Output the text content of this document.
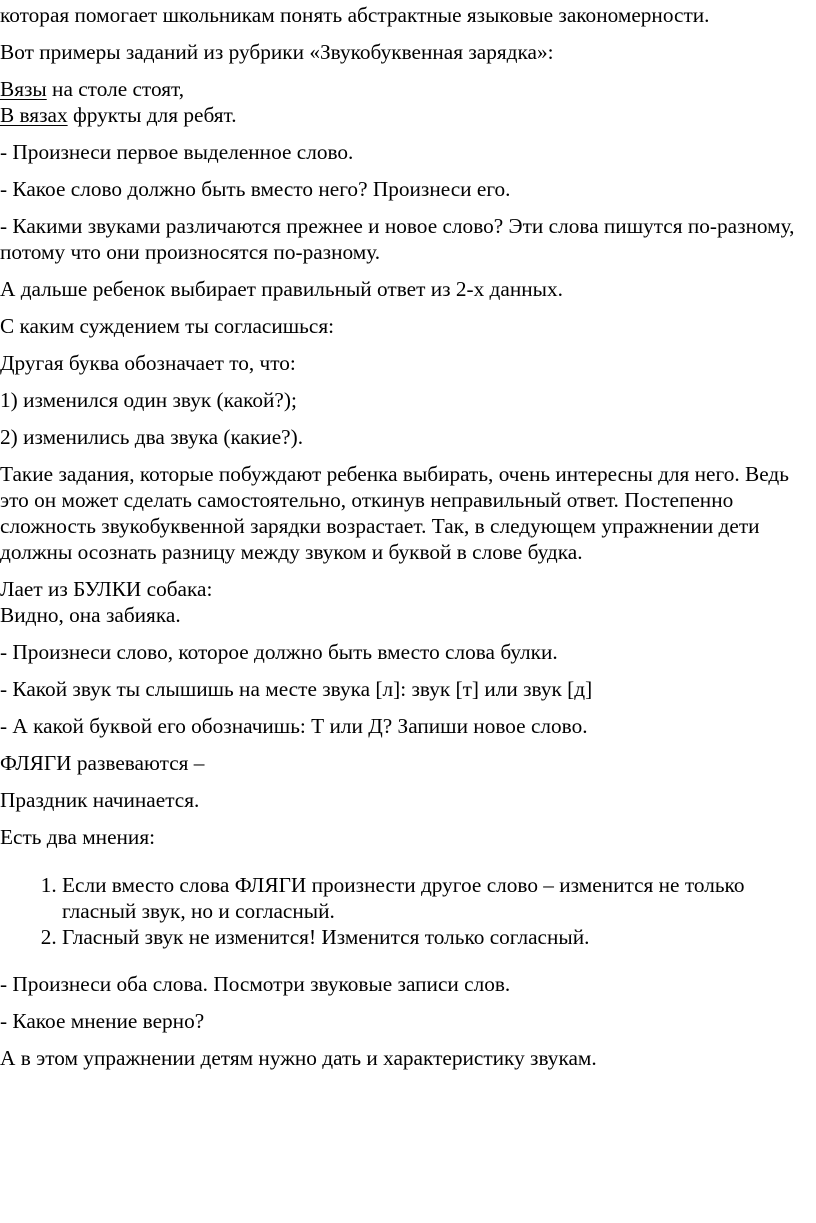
которая помогает школьникам понять абстрактные языковые закономерности.

Вот примеры заданий из рубрики «Звукобуквенная зарядка»:

Вязы на столе стоят,
В вязах фрукты для ребят.

- Произнеси первое выделенное слово.

- Какое слово должно быть вместо него? Произнеси его.

- Какими звуками различаются прежнее и новое слово? Эти слова пишутся по-разному, потому что они произносятся по-разному.

А дальше ребенок выбирает правильный ответ из 2-х данных.

С каким суждением ты согласишься:

Другая буква обозначает то, что:

1) изменился один звук (какой?);

2) изменились два звука (какие?).

Такие задания, которые побуждают ребенка выбирать, очень интересны для него. Ведь это он может сделать самостоятельно, откинув неправильный ответ. Постепенно сложность звукобуквенной зарядки возрастает. Так, в следующем упражнении дети должны осознать разницу между звуком и буквой в слове будка.

Лает из БУЛКИ собака:
Видно, она забияка.

- Произнеси слово, которое должно быть вместо слова булки.

- Какой звук ты слышишь на месте звука [л]: звук [т] или звук [д]

- А какой буквой его обозначишь: Т или Д? Запиши новое слово.

ФЛЯГИ развеваются –

Праздник начинается.

Есть два мнения:

1. Если вместо слова ФЛЯГИ произнести другое слово – изменится не только гласный звук, но и согласный.
2. Гласный звук не изменится! Изменится только согласный.

- Произнеси оба слова. Посмотри звуковые записи слов.

- Какое мнение верно?

А в этом упражнении детям нужно дать и характеристику звукам.
